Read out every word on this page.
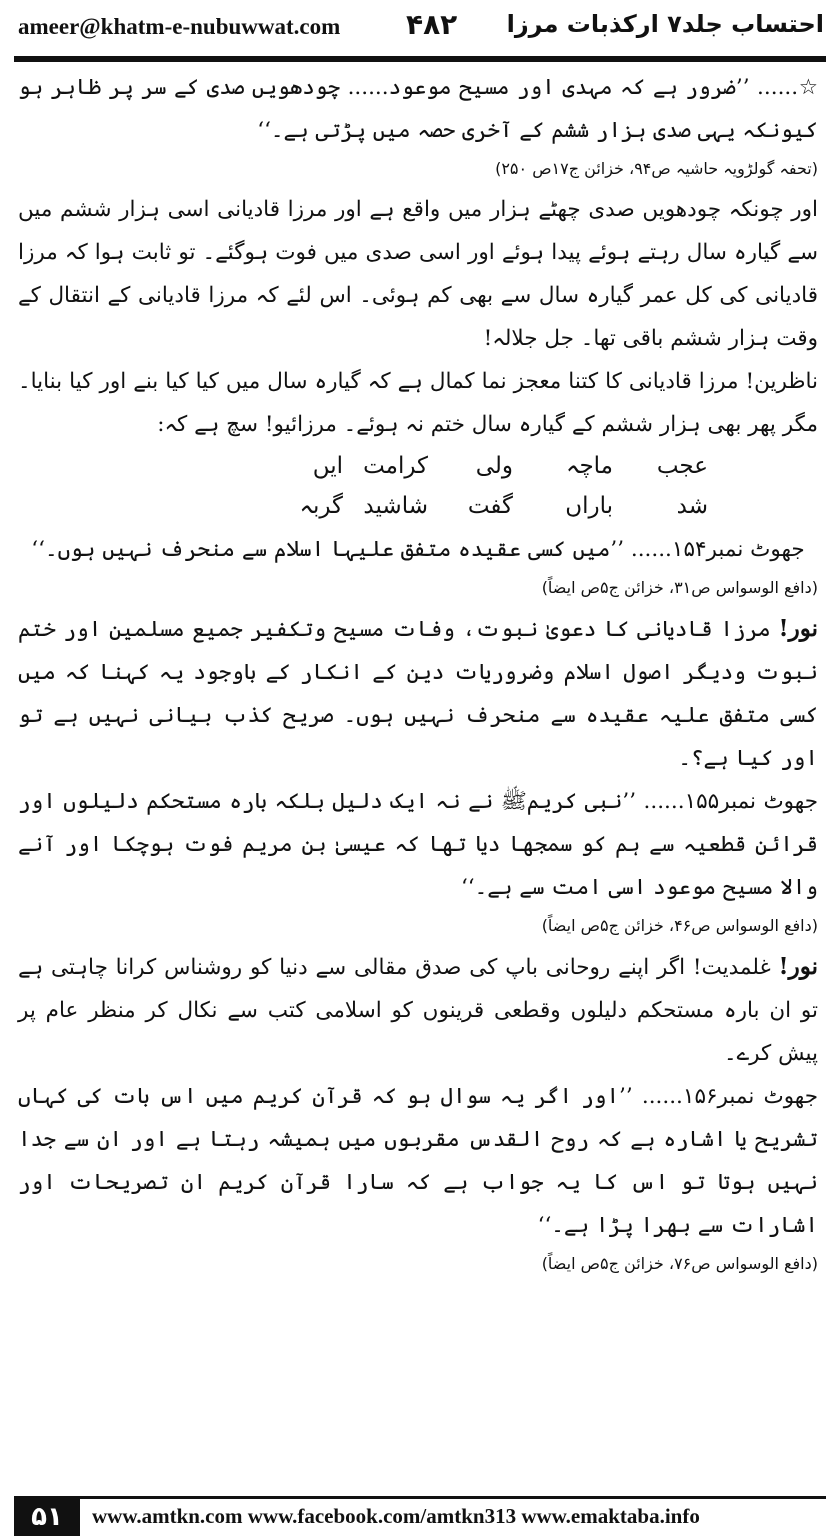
ameer@khatm-e-nubuwwat.com ۴۸۲ احتساب جلد۷ ارکذبات مرزا

☆...... ’’ضرور ہے کہ مہدی اور مسیح موعود...... چودھویں صدی کے سر پر ظاہر ہو کیونکہ یہی صدی ہزار ششم کے آخری حصہ میں پڑتی ہے۔‘‘

(تحفہ گولڑویہ حاشیہ ص۹۴، خزائن ج۱۷ص ۲۵۰)

اور چونکہ چودھویں صدی چھٹے ہزار میں واقع ہے اور مرزا قادیانی اسی ہزار ششم میں سے گیارہ سال رہتے ہوئے پیدا ہوئے اور اسی صدی میں فوت ہوگئے۔ تو ثابت ہوا کہ مرزا قادیانی کی کل عمر گیارہ سال سے بھی کم ہوئی۔ اس لئے کہ مرزا قادیانی کے انتقال کے وقت ہزار ششم باقی تھا۔ جل جلالہ!

ناظرین! مرزا قادیانی کا کتنا معجز نما کمال ہے کہ گیارہ سال میں کیا کیا بنے اور کیا بنایا۔ مگر پھر بھی ہزار ششم کے گیارہ سال ختم نہ ہوئے۔ مرزائیو! سچ ہے کہ:

ایں کرامت ولی ماچہ عجب
گربہ شاشید گفت باراں	شد

جھوٹ نمبر۱۵۴...... ’’میں کسی عقیدہ متفق علیہا اسلام سے منحرف نہیں ہوں۔‘‘

(دافع الوسواس ص۳۱، خزائن ج۵ص ایضاً)

نور! مرزا قادیانی کا دعویٰ نبوت، وفات مسیح وتکفیر جمیع مسلمین اور ختم نبوت ودیگر اصول اسلام وضروریات دین کے انکار کے باوجود یہ کہنا کہ میں کسی متفق علیہ عقیدہ سے منحرف نہیں ہوں۔ صریح کذب بیانی نہیں ہے تو اور کیا ہے؟۔

جھوٹ نمبر۱۵۵...... ’’نبی کریمﷺ نے نہ ایک دلیل بلکہ بارہ مستحکم دلیلوں اور قرائن قطعیہ سے ہم کو سمجھا دیا تھا کہ عیسیٰ بن مریم فوت ہوچکا اور آنے والا مسیح موعود اسی امت سے ہے۔‘‘

(دافع الوسواس ص۴۶، خزائن ج۵ص ایضاً)

نور! غلمدیت! اگر اپنے روحانی باپ کی صدق مقالی سے دنیا کو روشناس کرانا چاہتی ہے تو ان بارہ مستحکم دلیلوں وقطعی قرینوں کو اسلامی کتب سے نکال کر منظر عام پر پیش کرے۔

جھوٹ نمبر۱۵۶...... ’’اور اگر یہ سوال ہو کہ قرآن کریم میں اس بات کی کہاں تشریح یا اشارہ ہے کہ روح القدس مقربوں میں ہمیشہ رہتا ہے اور ان سے جدا نہیں ہوتا تو اس کا یہ جواب ہے کہ سارا قرآن کریم ان تصریحات اور اشارات سے بھرا پڑا ہے۔‘‘

(دافع الوسواس ص۷۶، خزائن ج۵ص ایضاً)

۵۱	www.amtkn.com www.facebook.com/amtkn313 www.emaktaba.info
